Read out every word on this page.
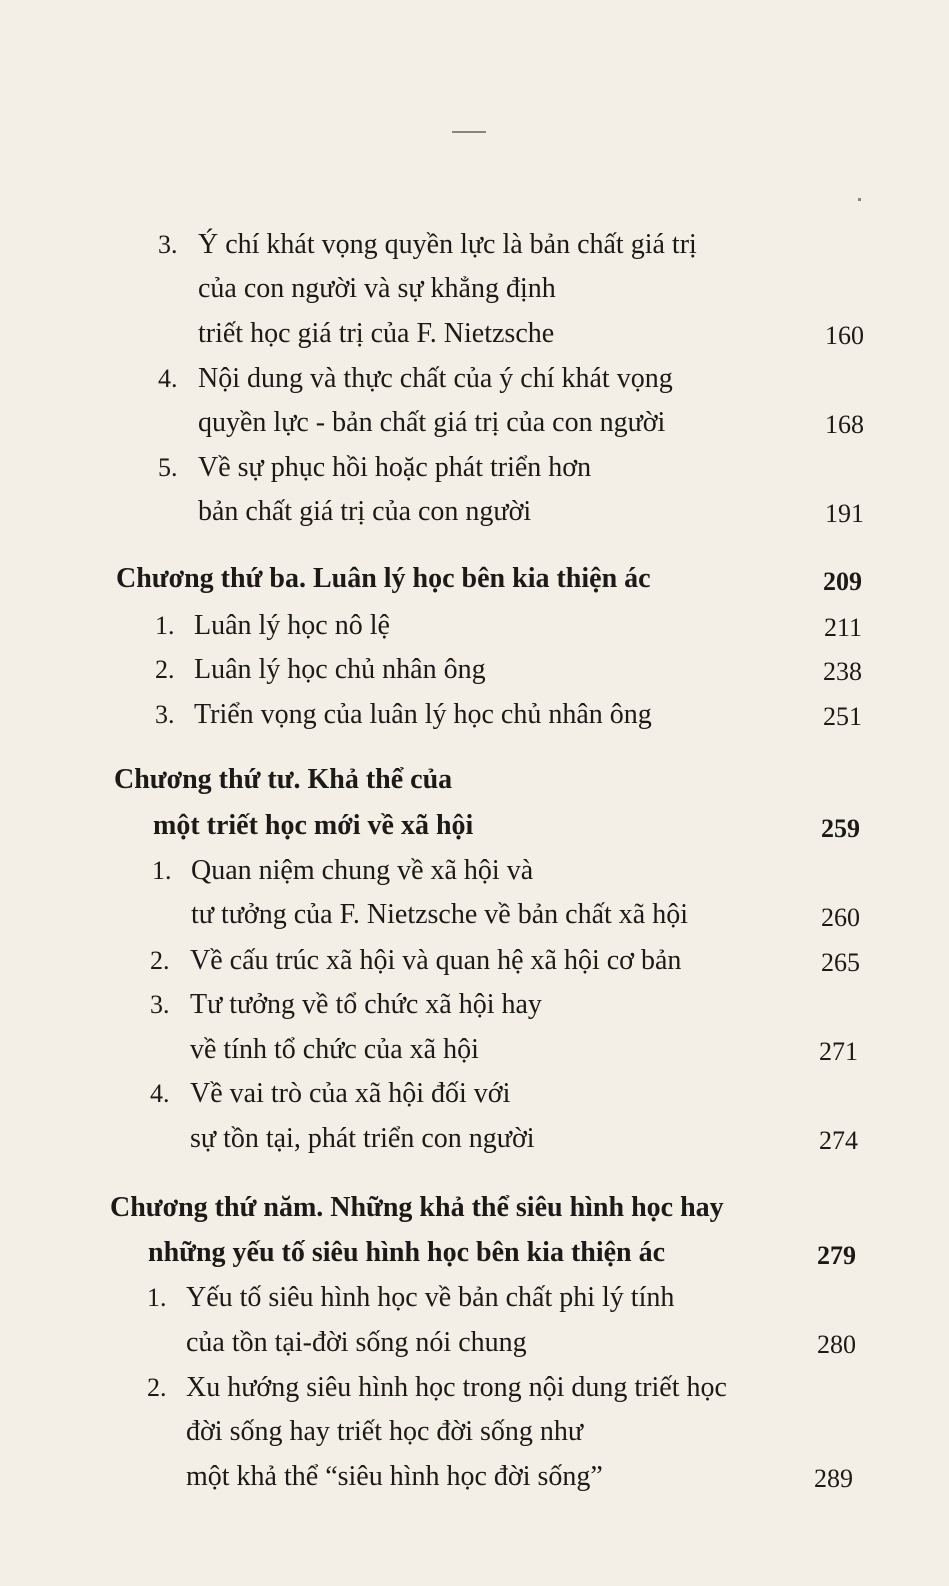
3. Ý chí khát vọng quyền lực là bản chất giá trị
của con người và sự khẳng định
triết học giá trị của F. Nietzsche	160
4. Nội dung và thực chất của ý chí khát vọng
quyền lực - bản chất giá trị của con người	168
5. Về sự phục hồi hoặc phát triển hơn
bản chất giá trị của con người	191
Chương thứ ba. Luân lý học bên kia thiện ác	209
1. Luân lý học nô lệ	211
2. Luân lý học chủ nhân ông	238
3. Triển vọng của luân lý học chủ nhân ông	251
Chương thứ tư. Khả thể của
một triết học mới về xã hội	259
1. Quan niệm chung về xã hội và
tư tưởng của F. Nietzsche về bản chất xã hội	260
2. Về cấu trúc xã hội và quan hệ xã hội cơ bản	265
3. Tư tưởng về tổ chức xã hội hay
về tính tổ chức của xã hội	271
4. Về vai trò của xã hội đối với
sự tồn tại, phát triển con người	274
Chương thứ năm. Những khả thể siêu hình học hay
những yếu tố siêu hình học bên kia thiện ác	279
1. Yếu tố siêu hình học về bản chất phi lý tính
của tồn tại-đời sống nói chung	280
2. Xu hướng siêu hình học trong nội dung triết học
đời sống hay triết học đời sống như
một khả thể “siêu hình học đời sống”	289
